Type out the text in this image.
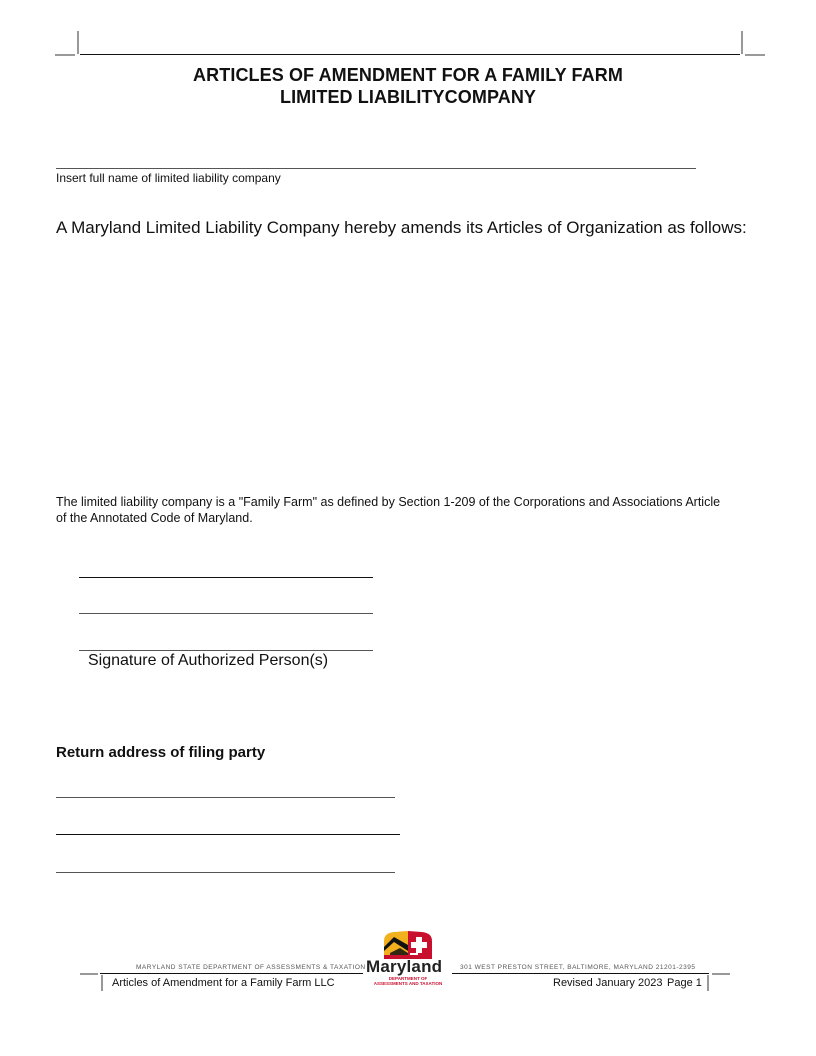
ARTICLES OF AMENDMENT FOR A FAMILY FARM
LIMITED LIABILITYCOMPANY
Insert full name of limited liability company
A Maryland Limited Liability Company hereby amends its Articles of Organization as follows:
The limited liability company is a "Family Farm" as defined by Section 1-209 of the Corporations and Associations Article
of the Annotated Code of Maryland.
Signature of Authorized Person(s)
Return address of filing party
MARYLAND STATE DEPARTMENT OF ASSESSMENTS & TAXATION	301 WEST PRESTON STREET, BALTIMORE, MARYLAND 21201-2395
Articles of Amendment for a Family Farm LLC	Revised January 2023 Page 1
Maryland
DEPARTMENT OF
ASSESSMENTS AND TAXATION
